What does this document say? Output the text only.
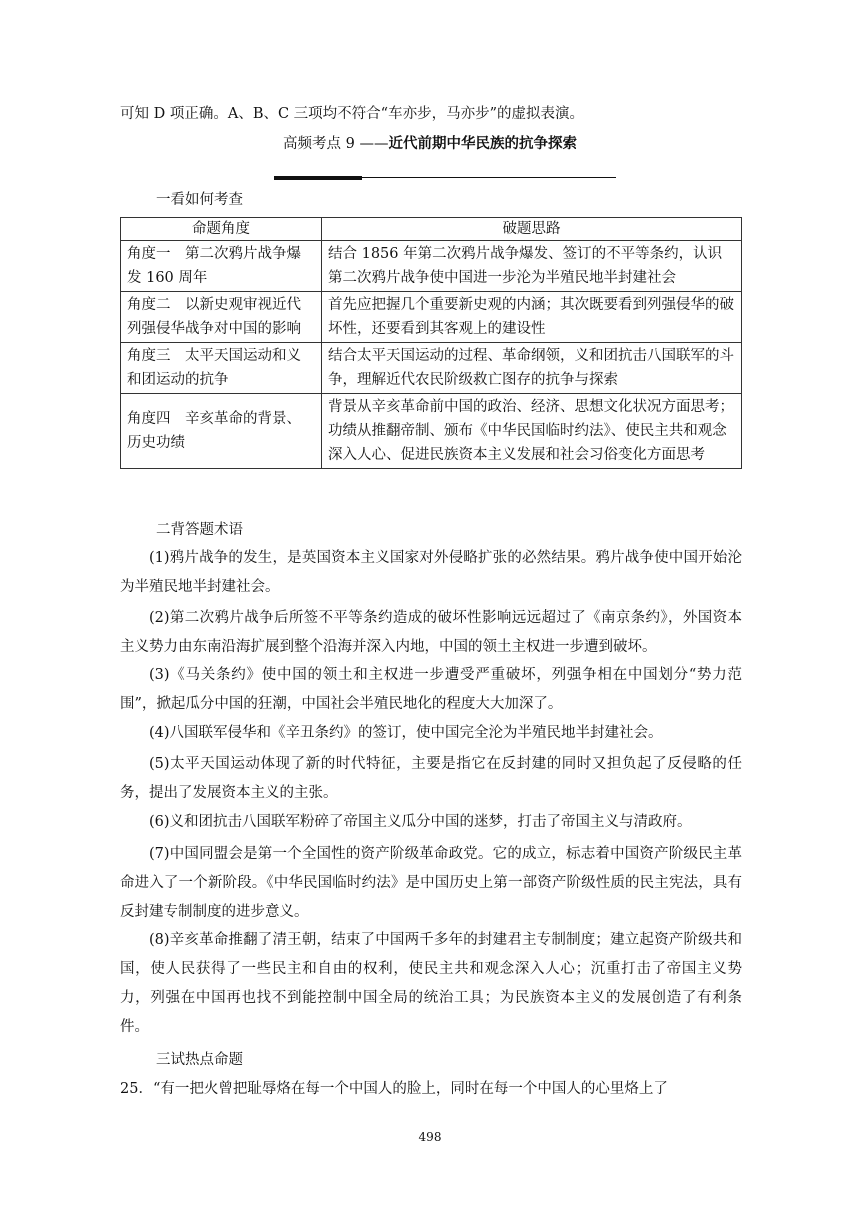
可知 D 项正确。A、B、C 三项均不符合“车亦步，马亦步”的虚拟表演。
高频考点 9 ——近代前期中华民族的抗争探索
一看如何考查
命题角度	破题思路
角度一　第二次鸦片战争爆发 160 周年	结合 1856 年第二次鸦片战争爆发、签订的不平等条约，认识第二次鸦片战争使中国进一步沦为半殖民地半封建社会
角度二　以新史观审视近代列强侵华战争对中国的影响	首先应把握几个重要新史观的内涵；其次既要看到列强侵华的破坏性，还要看到其客观上的建设性
角度三　太平天国运动和义和团运动的抗争	结合太平天国运动的过程、革命纲领，义和团抗击八国联军的斗争，理解近代农民阶级救亡图存的抗争与探索
角度四　辛亥革命的背景、历史功绩	背景从辛亥革命前中国的政治、经济、思想文化状况方面思考；功绩从推翻帝制、颁布《中华民国临时约法》、使民主共和观念深入人心、促进民族资本主义发展和社会习俗变化方面思考
二背答题术语
(1)鸦片战争的发生，是英国资本主义国家对外侵略扩张的必然结果。鸦片战争使中国开始沦为半殖民地半封建社会。
(2)第二次鸦片战争后所签不平等条约造成的破坏性影响远远超过了《南京条约》，外国资本主义势力由东南沿海扩展到整个沿海并深入内地，中国的领土主权进一步遭到破坏。
(3)《马关条约》使中国的领土和主权进一步遭受严重破坏，列强争相在中国划分“势力范围”，掀起瓜分中国的狂潮，中国社会半殖民地化的程度大大加深了。
(4)八国联军侵华和《辛丑条约》的签订，使中国完全沦为半殖民地半封建社会。
(5)太平天国运动体现了新的时代特征，主要是指它在反封建的同时又担负起了反侵略的任务，提出了发展资本主义的主张。
(6)义和团抗击八国联军粉碎了帝国主义瓜分中国的迷梦，打击了帝国主义与清政府。
(7)中国同盟会是第一个全国性的资产阶级革命政党。它的成立，标志着中国资产阶级民主革命进入了一个新阶段。《中华民国临时约法》是中国历史上第一部资产阶级性质的民主宪法，具有反封建专制制度的进步意义。
(8)辛亥革命推翻了清王朝，结束了中国两千多年的封建君主专制制度；建立起资产阶级共和国，使人民获得了一些民主和自由的权利，使民主共和观念深入人心；沉重打击了帝国主义势力，列强在中国再也找不到能控制中国全局的统治工具；为民族资本主义的发展创造了有利条件。
三试热点命题
25．“有一把火曾把耻辱烙在每一个中国人的脸上，同时在每一个中国人的心里烙上了
498
